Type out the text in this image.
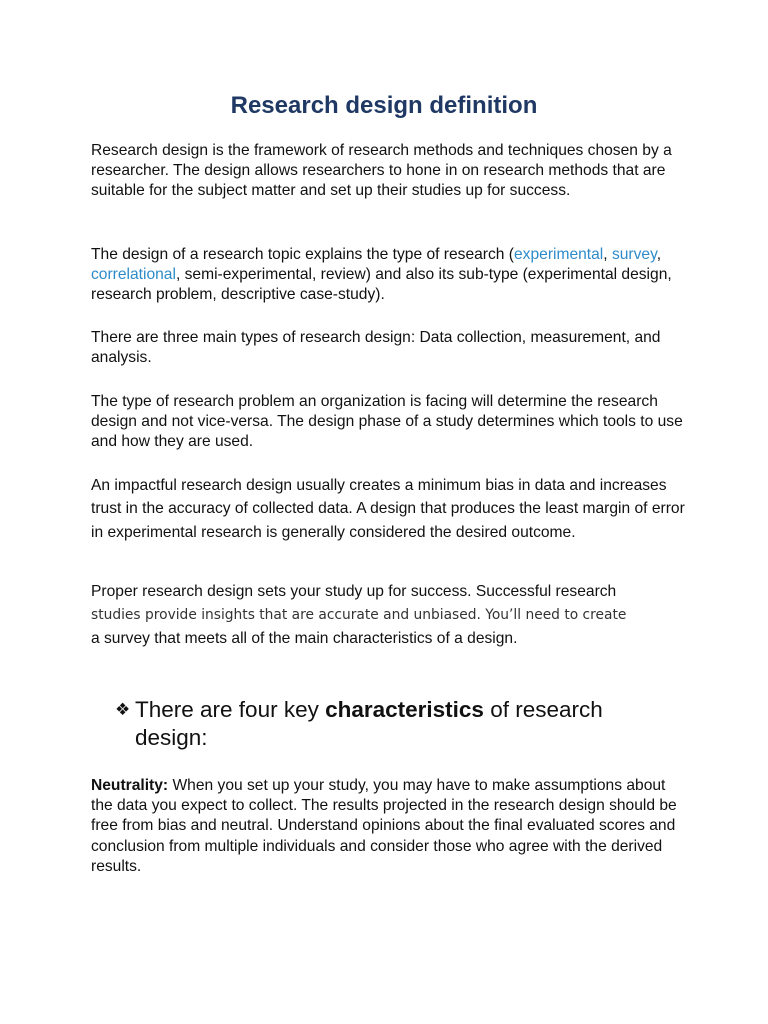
Research design definition

Research design is the framework of research methods and techniques chosen by a researcher. The design allows researchers to hone in on research methods that are suitable for the subject matter and set up their studies up for success.

The design of a research topic explains the type of research (experimental, survey, correlational, semi-experimental, review) and also its sub-type (experimental design, research problem, descriptive case-study).

There are three main types of research design: Data collection, measurement, and analysis.

The type of research problem an organization is facing will determine the research design and not vice-versa. The design phase of a study determines which tools to use and how they are used.

An impactful research design usually creates a minimum bias in data and increases trust in the accuracy of collected data. A design that produces the least margin of error in experimental research is generally considered the desired outcome.

Proper research design sets your study up for success. Successful research
studies provide insights that are accurate and unbiased. You’ll need to create
a survey that meets all of the main characteristics of a design.

❖ There are four key characteristics of research design:

Neutrality: When you set up your study, you may have to make assumptions about the data you expect to collect. The results projected in the research design should be free from bias and neutral. Understand opinions about the final evaluated scores and conclusion from multiple individuals and consider those who agree with the derived results.
